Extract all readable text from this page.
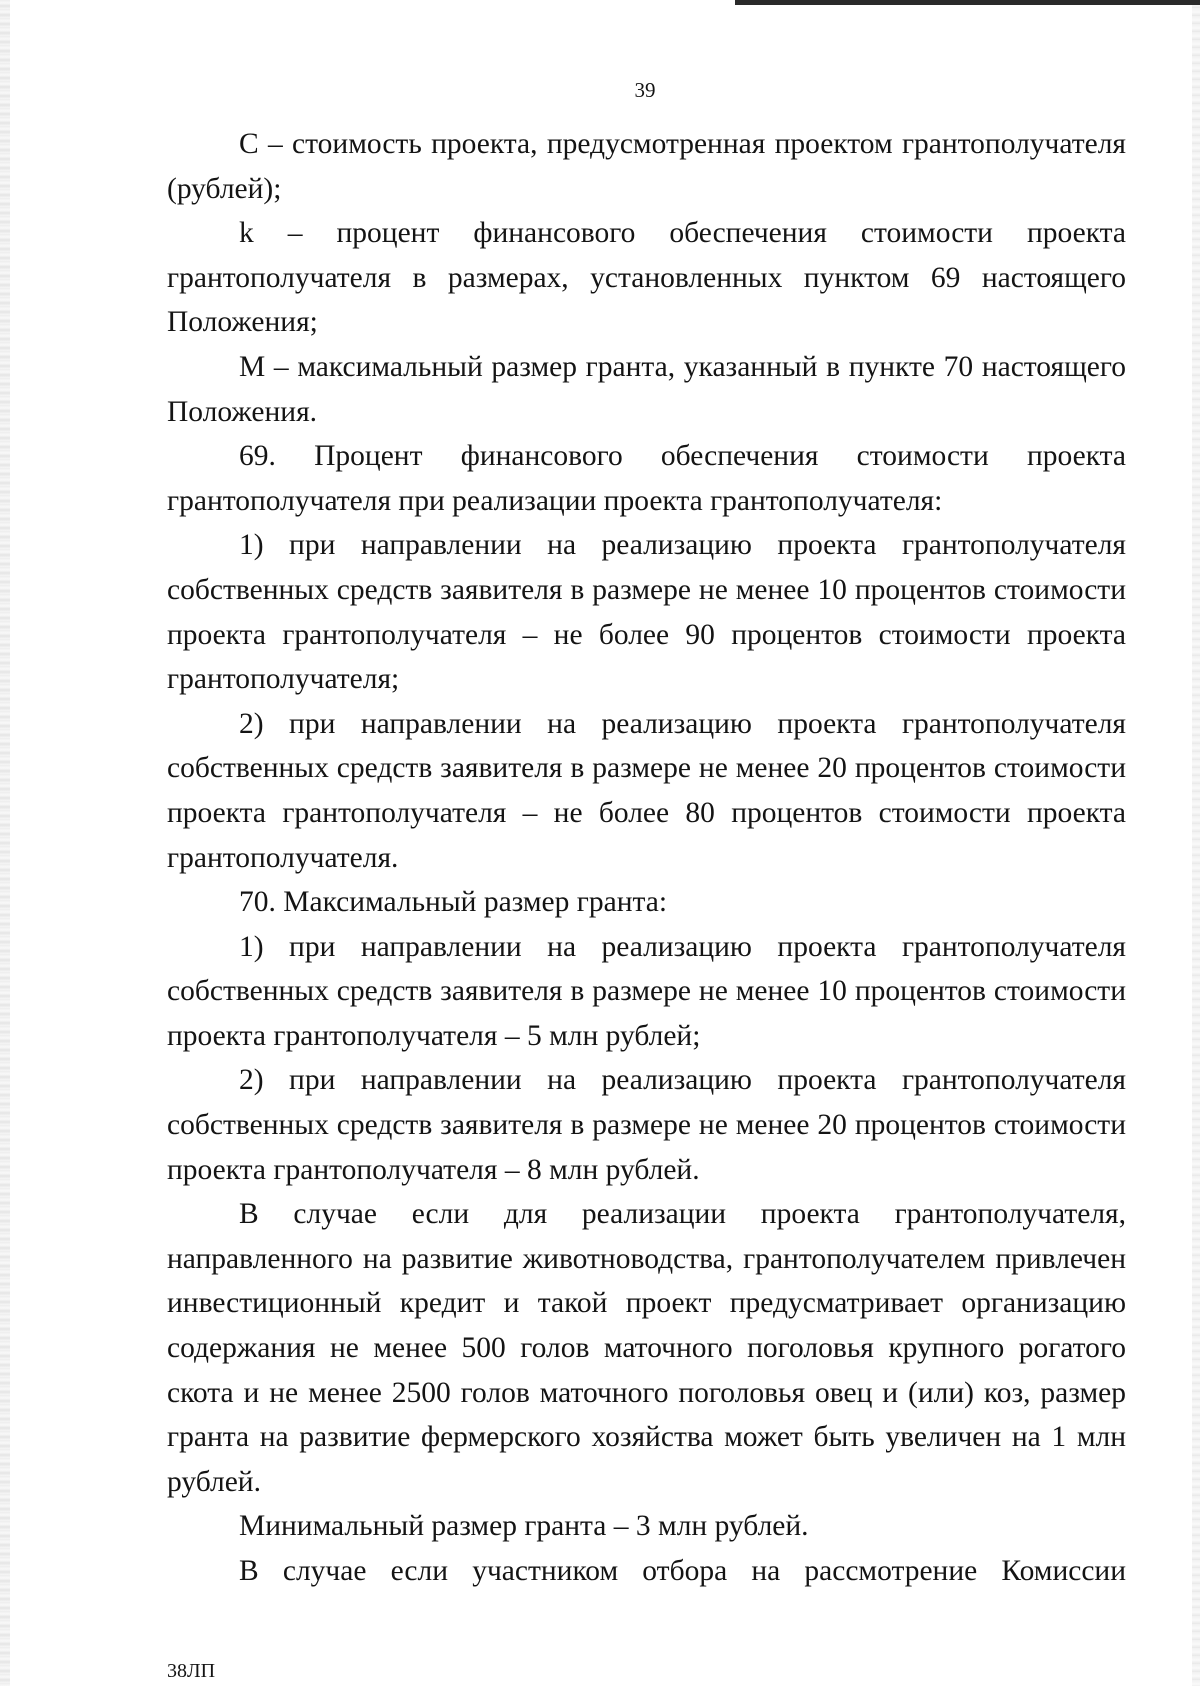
39

С – стоимость проекта, предусмотренная проектом грантополучателя (рублей);

k – процент финансового обеспечения стоимости проекта грантополучателя в размерах, установленных пунктом 69 настоящего Положения;

М – максимальный размер гранта, указанный в пункте 70 настоящего Положения.

69. Процент финансового обеспечения стоимости проекта грантополучателя при реализации проекта грантополучателя:

1) при направлении на реализацию проекта грантополучателя собственных средств заявителя в размере не менее 10 процентов стоимости проекта грантополучателя – не более 90 процентов стоимости проекта грантополучателя;

2) при направлении на реализацию проекта грантополучателя собственных средств заявителя в размере не менее 20 процентов стоимости проекта грантополучателя – не более 80 процентов стоимости проекта грантополучателя.

70. Максимальный размер гранта:

1) при направлении на реализацию проекта грантополучателя собственных средств заявителя в размере не менее 10 процентов стоимости проекта грантополучателя – 5 млн рублей;

2) при направлении на реализацию проекта грантополучателя собственных средств заявителя в размере не менее 20 процентов стоимости проекта грантополучателя – 8 млн рублей.

В случае если для реализации проекта грантополучателя, направленного на развитие животноводства, грантополучателем привлечен инвестиционный кредит и такой проект предусматривает организацию содержания не менее 500 голов маточного поголовья крупного рогатого скота и не менее 2500 голов маточного поголовья овец и (или) коз, размер гранта на развитие фермерского хозяйства может быть увеличен на 1 млн рублей.

Минимальный размер гранта – 3 млн рублей.

В случае если участником отбора на рассмотрение Комиссии

38ЛП
